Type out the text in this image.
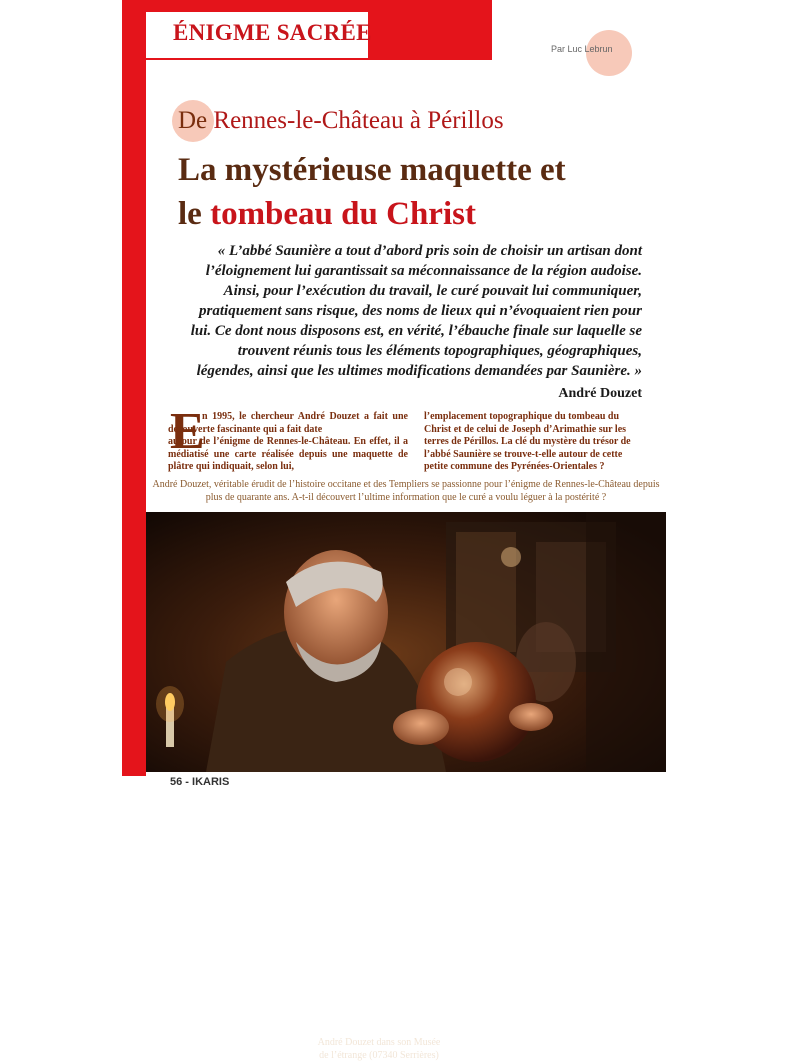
ÉNIGME SACRÉE
Par Luc Lebrun
De Rennes-le-Château à Périllos
La mystérieuse maquette et
le tombeau du Christ
« L’abbé Saunière a tout d’abord pris soin de choisir un artisan dont l’éloignement lui garantissait sa méconnaissance de la région audoise. Ainsi, pour l’exécution du travail, le curé pouvait lui communiquer, pratiquement sans risque, des noms de lieux qui n’évoquaient rien pour lui. Ce dont nous disposons est, en vérité, l’ébauche finale sur laquelle se trouvent réunis tous les éléments topographiques, géographiques, légendes, ainsi que les ultimes modifications demandées par Saunière. »
André Douzet
E
n 1995, le chercheur André Douzet a fait une découverte fascinante qui a fait date
autour de l’énigme de Rennes-le-Château. En effet, il a médiatisé une carte réalisée depuis une maquette de plâtre qui indiquait, selon lui,
l’emplacement topographique du tombeau du Christ et de celui de Joseph d’Arimathie sur les terres de Périllos. La clé du mystère du trésor de l’abbé Saunière se trouve-t-elle autour de cette petite commune des Pyrénées-Orientales ?
André Douzet, véritable érudit de l’histoire occitane et des Templiers se passionne pour l’énigme de Rennes-le-Château depuis plus de quarante ans. A-t-il découvert l’ultime information que le curé a voulu léguer à la postérité ?
André Douzet dans son Musée de l’étrange (07340 Serrières)
56 - IKARIS
